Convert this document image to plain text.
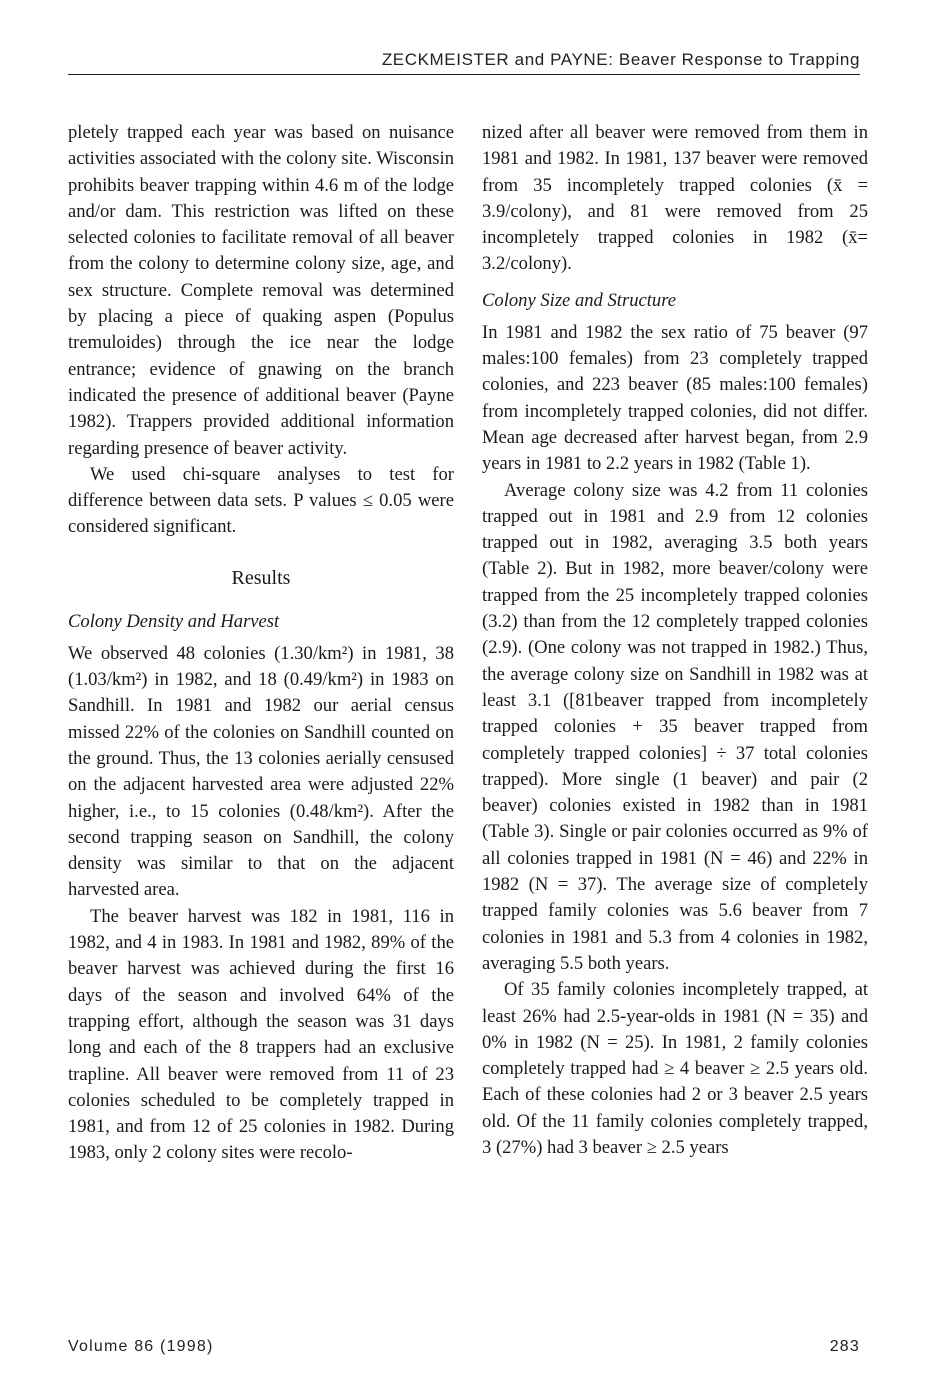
ZECKMEISTER and PAYNE: Beaver Response to Trapping

pletely trapped each year was based on nuisance activities associated with the colony site. Wisconsin prohibits beaver trapping within 4.6 m of the lodge and/or dam. This restriction was lifted on these selected colonies to facilitate removal of all beaver from the colony to determine colony size, age, and sex structure. Complete removal was determined by placing a piece of quaking aspen (Populus tremuloides) through the ice near the lodge entrance; evidence of gnawing on the branch indicated the presence of additional beaver (Payne 1982). Trappers provided additional information regarding presence of beaver activity.

We used chi-square analyses to test for difference between data sets. P values ≤ 0.05 were considered significant.

Results
Colony Density and Harvest

We observed 48 colonies (1.30/km²) in 1981, 38 (1.03/km²) in 1982, and 18 (0.49/km²) in 1983 on Sandhill. In 1981 and 1982 our aerial census missed 22% of the colonies on Sandhill counted on the ground. Thus, the 13 colonies aerially censused on the adjacent harvested area were adjusted 22% higher, i.e., to 15 colonies (0.48/km²). After the second trapping season on Sandhill, the colony density was similar to that on the adjacent harvested area.

The beaver harvest was 182 in 1981, 116 in 1982, and 4 in 1983. In 1981 and 1982, 89% of the beaver harvest was achieved during the first 16 days of the season and involved 64% of the trapping effort, although the season was 31 days long and each of the 8 trappers had an exclusive trapline. All beaver were removed from 11 of 23 colonies scheduled to be completely trapped in 1981, and from 12 of 25 colonies in 1982. During 1983, only 2 colony sites were recolo-

nized after all beaver were removed from them in 1981 and 1982. In 1981, 137 beaver were removed from 35 incompletely trapped colonies (x̄ = 3.9/colony), and 81 were removed from 25 incompletely trapped colonies in 1982 (x̄= 3.2/colony).

Colony Size and Structure

In 1981 and 1982 the sex ratio of 75 beaver (97 males:100 females) from 23 completely trapped colonies, and 223 beaver (85 males:100 females) from incompletely trapped colonies, did not differ. Mean age decreased after harvest began, from 2.9 years in 1981 to 2.2 years in 1982 (Table 1).

Average colony size was 4.2 from 11 colonies trapped out in 1981 and 2.9 from 12 colonies trapped out in 1982, averaging 3.5 both years (Table 2). But in 1982, more beaver/colony were trapped from the 25 incompletely trapped colonies (3.2) than from the 12 completely trapped colonies (2.9). (One colony was not trapped in 1982.) Thus, the average colony size on Sandhill in 1982 was at least 3.1 ([81beaver trapped from incompletely trapped colonies + 35 beaver trapped from completely trapped colonies] ÷ 37 total colonies trapped). More single (1 beaver) and pair (2 beaver) colonies existed in 1982 than in 1981 (Table 3). Single or pair colonies occurred as 9% of all colonies trapped in 1981 (N = 46) and 22% in 1982 (N = 37). The average size of completely trapped family colonies was 5.6 beaver from 7 colonies in 1981 and 5.3 from 4 colonies in 1982, averaging 5.5 both years.

Of 35 family colonies incompletely trapped, at least 26% had 2.5-year-olds in 1981 (N = 35) and 0% in 1982 (N = 25). In 1981, 2 family colonies completely trapped had ≥ 4 beaver ≥ 2.5 years old. Each of these colonies had 2 or 3 beaver 2.5 years old. Of the 11 family colonies completely trapped, 3 (27%) had 3 beaver ≥ 2.5 years

Volume 86 (1998)	283
